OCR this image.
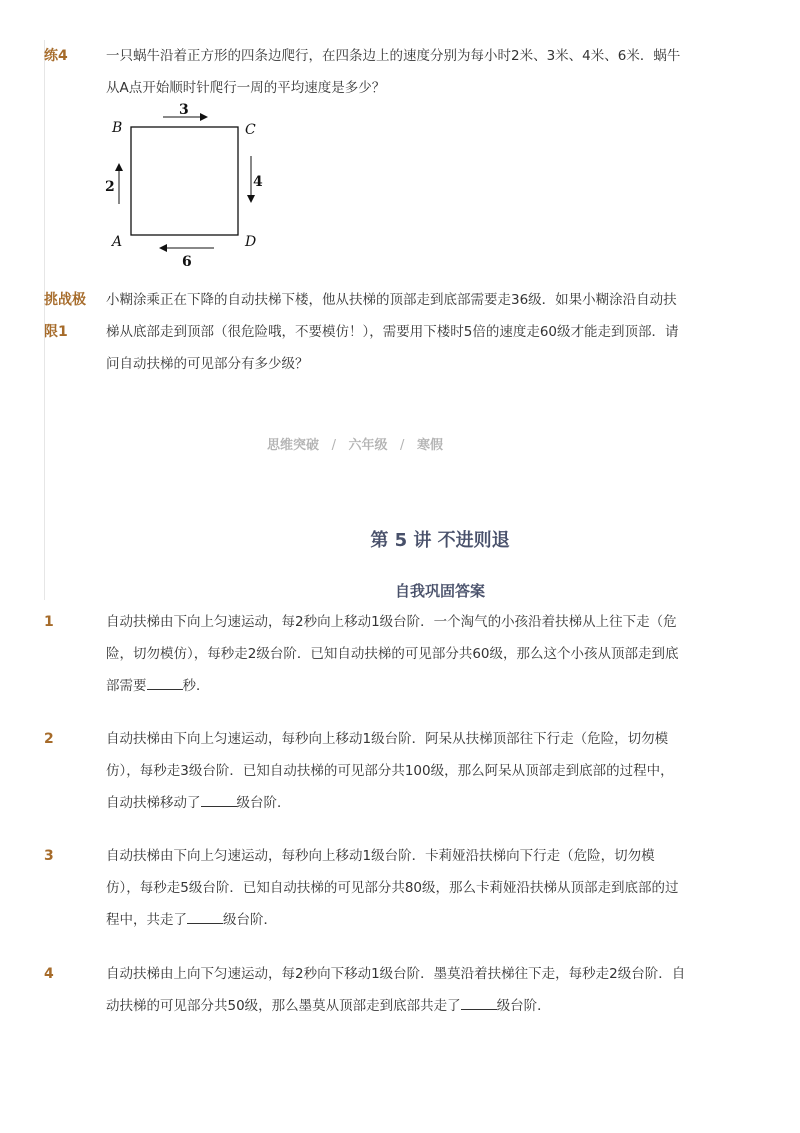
练4	一只蜗牛沿着正方形的四条边爬行，在四条边上的速度分别为每小时2米、3米、4米、6米．蜗牛

从A点开始顺时针爬行一周的平均速度是多少？

B	C
A	D
3
2	4
6
挑战极
限1

小糊涂乘正在下降的自动扶梯下楼，他从扶梯的顶部走到底部需要走36级．如果小糊涂沿自动扶

梯从底部走到顶部（很危险哦，不要模仿！），需要用下楼时5倍的速度走60级才能走到顶部．请

问自动扶梯的可见部分有多少级？

思维突破 / 六年级 / 寒假
第 5 讲 不进则退
自我巩固答案
1	自动扶梯由下向上匀速运动，每2秒向上移动1级台阶．一个淘气的小孩沿着扶梯从上往下走（危

险，切勿模仿），每秒走2级台阶．已知自动扶梯的可见部分共60级，那么这个小孩从顶部走到底

部需要	秒．

2	自动扶梯由下向上匀速运动，每秒向上移动1级台阶．阿呆从扶梯顶部往下行走（危险，切勿模

仿），每秒走3级台阶．已知自动扶梯的可见部分共100级，那么阿呆从顶部走到底部的过程中，

自动扶梯移动了	级台阶．

3	自动扶梯由下向上匀速运动，每秒向上移动1级台阶．卡莉娅沿扶梯向下行走（危险，切勿模

仿），每秒走5级台阶．已知自动扶梯的可见部分共80级，那么卡莉娅沿扶梯从顶部走到底部的过

程中，共走了	级台阶．

4	自动扶梯由上向下匀速运动，每2秒向下移动1级台阶．墨莫沿着扶梯往下走，每秒走2级台阶．自

动扶梯的可见部分共50级，那么墨莫从顶部走到底部共走了	级台阶．
